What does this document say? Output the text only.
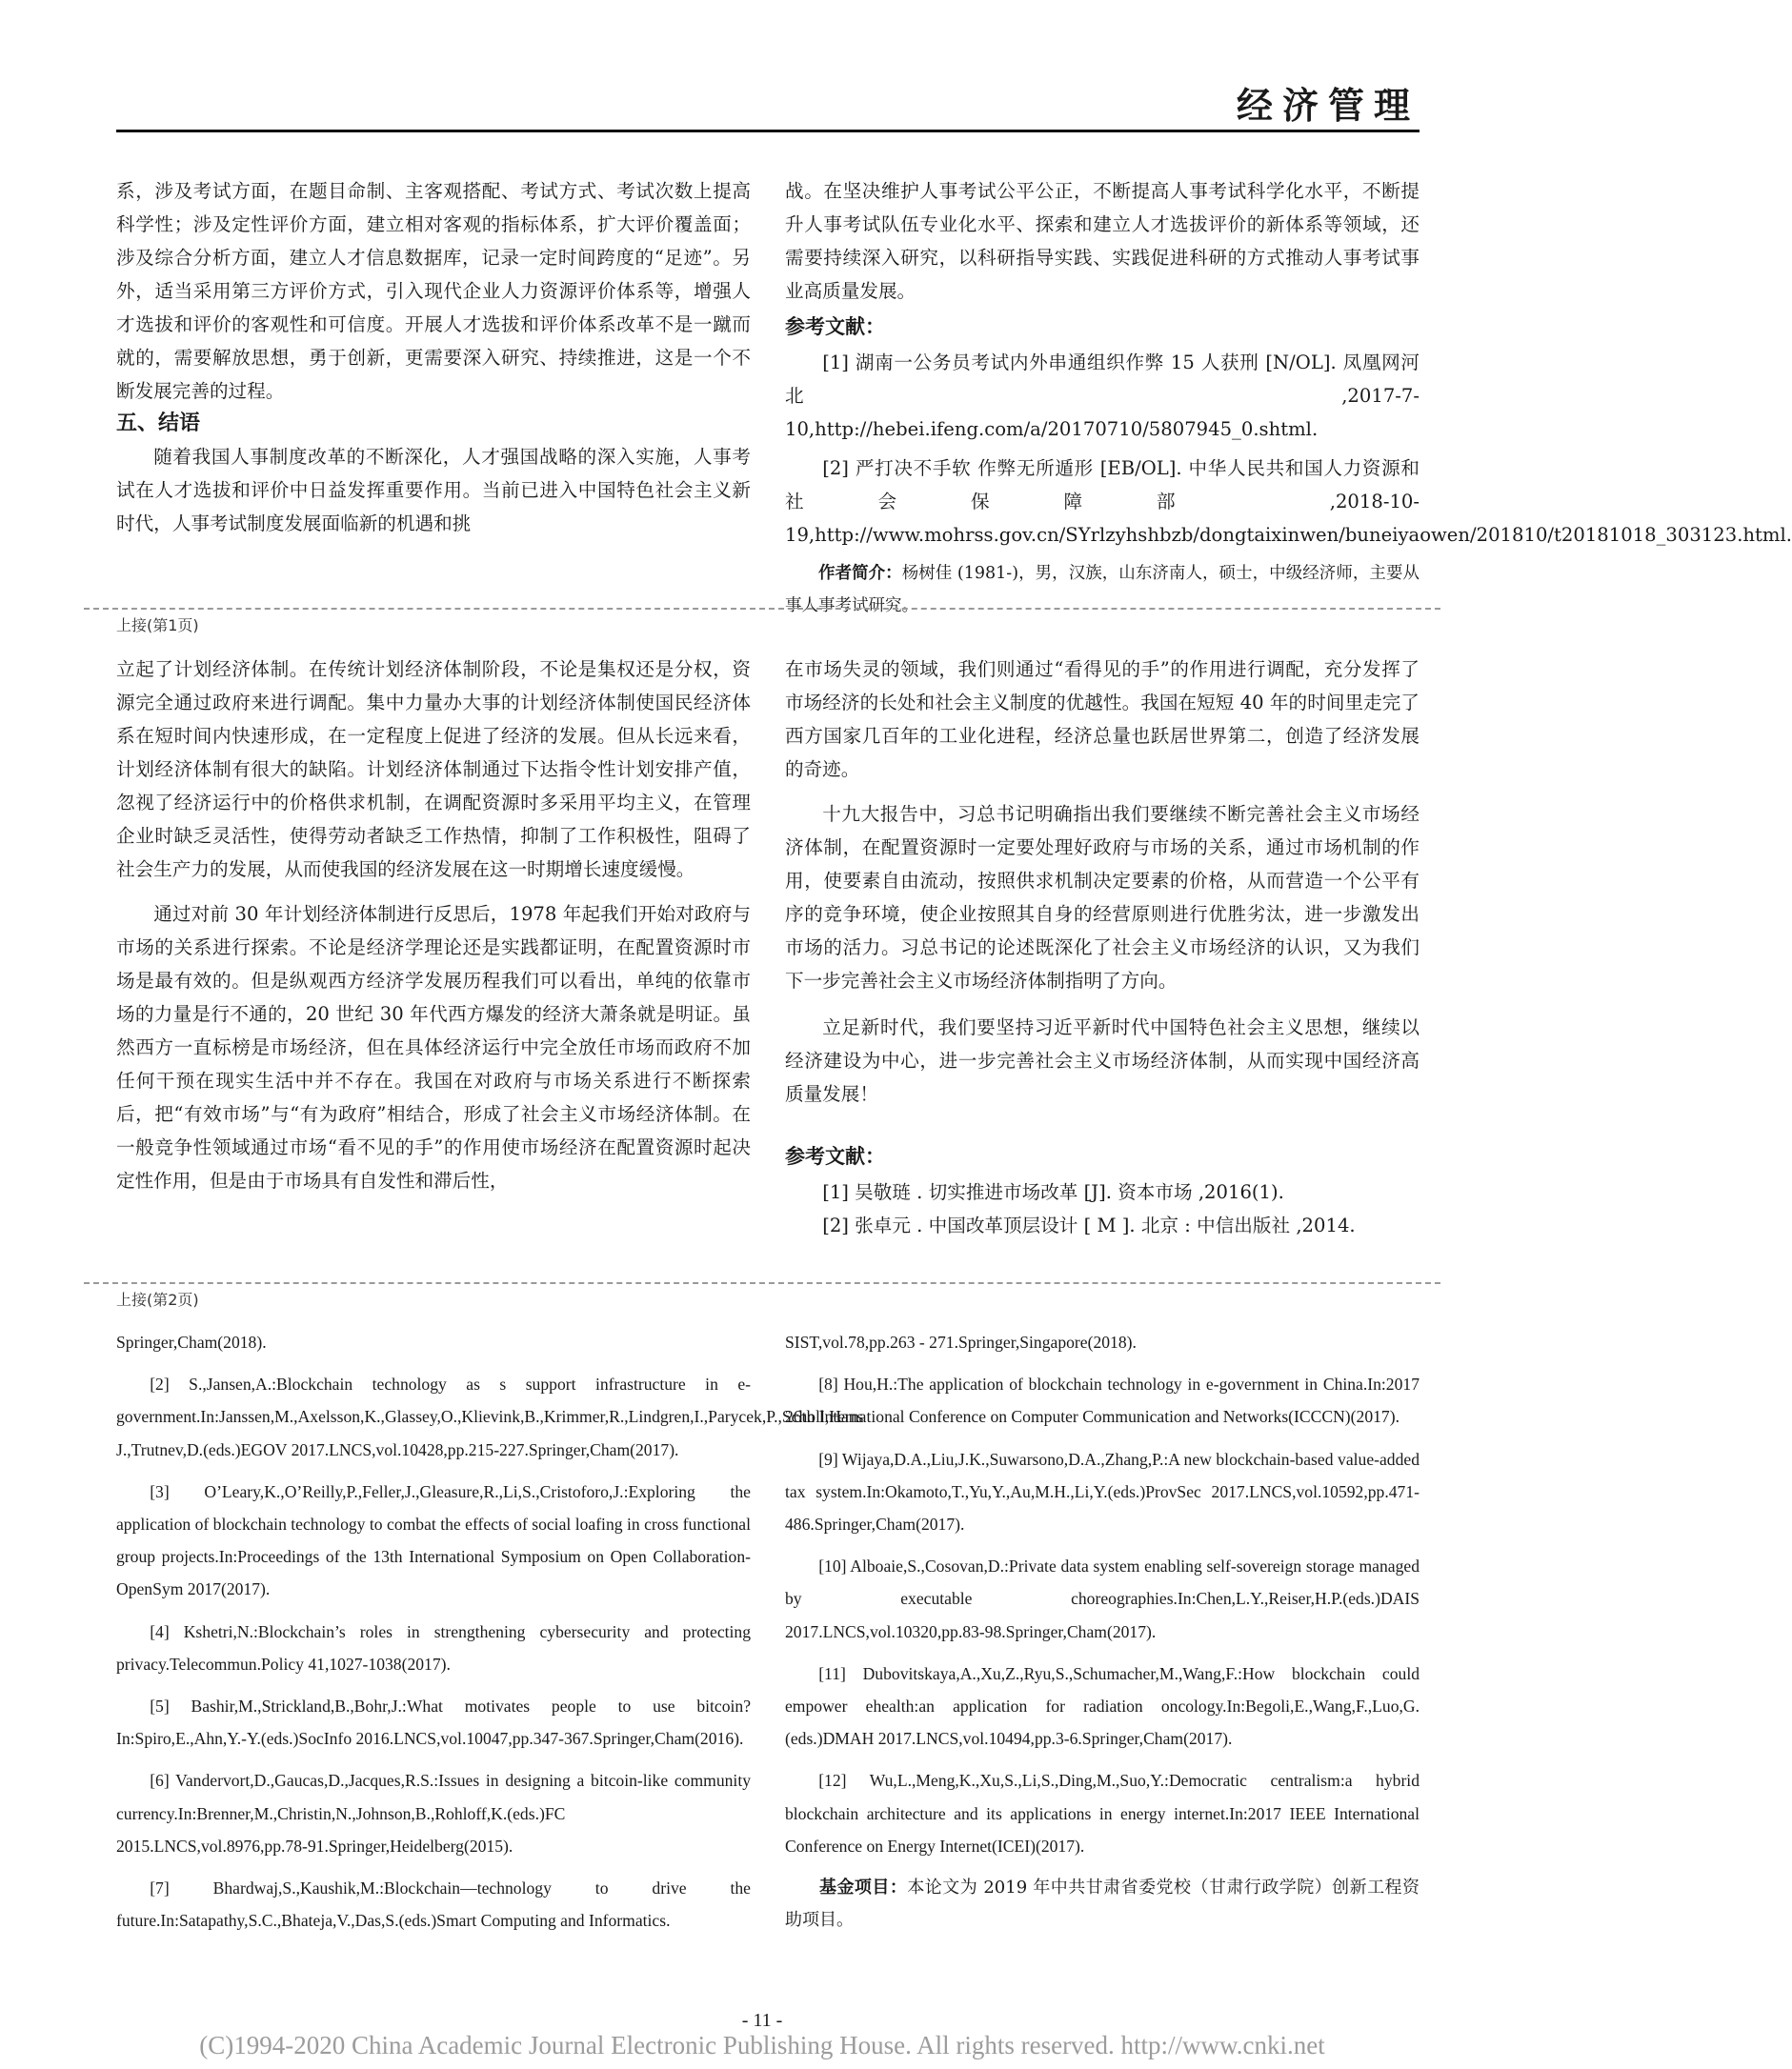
经济管理

系，涉及考试方面，在题目命制、主客观搭配、考试方式、考试次数上提高科学性；涉及定性评价方面，建立相对客观的指标体系，扩大评价覆盖面；涉及综合分析方面，建立人才信息数据库，记录一定时间跨度的“足迹”。另外，适当采用第三方评价方式，引入现代企业人力资源评价体系等，增强人才选拔和评价的客观性和可信度。开展人才选拔和评价体系改革不是一蹴而就的，需要解放思想，勇于创新，更需要深入研究、持续推进，这是一个不断发展完善的过程。

五、结语

随着我国人事制度改革的不断深化，人才强国战略的深入实施，人事考试在人才选拔和评价中日益发挥重要作用。当前已进入中国特色社会主义新时代，人事考试制度发展面临新的机遇和挑

战。在坚决维护人事考试公平公正，不断提高人事考试科学化水平，不断提升人事考试队伍专业化水平、探索和建立人才选拔评价的新体系等领域，还需要持续深入研究，以科研指导实践、实践促进科研的方式推动人事考试事业高质量发展。

参考文献：

[1] 湖南一公务员考试内外串通组织作弊 15 人获刑 [N/OL]. 凤凰网河北 ,2017-7-10,http://hebei.ifeng.com/a/20170710/5807945_0.shtml.

[2] 严打决不手软 作弊无所遁形 [EB/OL]. 中华人民共和国人力资源和社会保障部 ,2018-10-19,http://www.mohrss.gov.cn/SYrlzyhshbzb/dongtaixinwen/buneiyaowen/201810/t20181018_303123.html.

作者简介：杨树佳 (1981-)，男，汉族，山东济南人，硕士，中级经济师，主要从事人事考试研究。

上接(第1页)

立起了计划经济体制。在传统计划经济体制阶段，不论是集权还是分权，资源完全通过政府来进行调配。集中力量办大事的计划经济体制使国民经济体系在短时间内快速形成，在一定程度上促进了经济的发展。但从长远来看，计划经济体制有很大的缺陷。计划经济体制通过下达指令性计划安排产值，忽视了经济运行中的价格供求机制，在调配资源时多采用平均主义，在管理企业时缺乏灵活性，使得劳动者缺乏工作热情，抑制了工作积极性，阻碍了社会生产力的发展，从而使我国的经济发展在这一时期增长速度缓慢。

通过对前 30 年计划经济体制进行反思后，1978 年起我们开始对政府与市场的关系进行探索。不论是经济学理论还是实践都证明，在配置资源时市场是最有效的。但是纵观西方经济学发展历程我们可以看出，单纯的依靠市场的力量是行不通的，20 世纪 30 年代西方爆发的经济大萧条就是明证。虽然西方一直标榜是市场经济，但在具体经济运行中完全放任市场而政府不加任何干预在现实生活中并不存在。我国在对政府与市场关系进行不断探索后，把“有效市场”与“有为政府”相结合，形成了社会主义市场经济体制。在一般竞争性领域通过市场“看不见的手”的作用使市场经济在配置资源时起决定性作用，但是由于市场具有自发性和滞后性，

在市场失灵的领域，我们则通过“看得见的手”的作用进行调配，充分发挥了市场经济的长处和社会主义制度的优越性。我国在短短 40 年的时间里走完了西方国家几百年的工业化进程，经济总量也跃居世界第二，创造了经济发展的奇迹。

十九大报告中，习总书记明确指出我们要继续不断完善社会主义市场经济体制，在配置资源时一定要处理好政府与市场的关系，通过市场机制的作用，使要素自由流动，按照供求机制决定要素的价格，从而营造一个公平有序的竞争环境，使企业按照其自身的经营原则进行优胜劣汰，进一步激发出市场的活力。习总书记的论述既深化了社会主义市场经济的认识，又为我们下一步完善社会主义市场经济体制指明了方向。

立足新时代，我们要坚持习近平新时代中国特色社会主义思想，继续以经济建设为中心，进一步完善社会主义市场经济体制，从而实现中国经济高质量发展！

参考文献：

[1] 吴敬琏 . 切实推进市场改革 [J]. 资本市场 ,2016(1).

[2] 张卓元 . 中国改革顶层设计 [ M ]. 北京 : 中信出版社 ,2014.

上接(第2页)

Springer,Cham(2018).

[2] S.,Jansen,A.:Blockchain technology as s support infrastructure in e-government.In:Janssen,M.,Axelsson,K.,Glassey,O.,Klievink,B.,Krimmer,R.,Lindgren,I.,Parycek,P.,Scholl,Hans J.,Trutnev,D.(eds.)EGOV 2017.LNCS,vol.10428,pp.215-227.Springer,Cham(2017).

[3] O’Leary,K.,O’Reilly,P.,Feller,J.,Gleasure,R.,Li,S.,Cristoforo,J.:Exploring the application of blockchain technology to combat the effects of social loafing in cross functional group projects.In:Proceedings of the 13th International Symposium on Open Collaboration-OpenSym 2017(2017).

[4] Kshetri,N.:Blockchain’s roles in strengthening cybersecurity and protecting privacy.Telecommun.Policy 41,1027-1038(2017).

[5] Bashir,M.,Strickland,B.,Bohr,J.:What motivates people to use bitcoin?In:Spiro,E.,Ahn,Y.-Y.(eds.)SocInfo 2016.LNCS,vol.10047,pp.347-367.Springer,Cham(2016).

[6] Vandervort,D.,Gaucas,D.,Jacques,R.S.:Issues in designing a bitcoin-like community currency.In:Brenner,M.,Christin,N.,Johnson,B.,Rohloff,K.(eds.)FC 2015.LNCS,vol.8976,pp.78-91.Springer,Heidelberg(2015).

[7] Bhardwaj,S.,Kaushik,M.:Blockchain—technology to drive the future.In:Satapathy,S.C.,Bhateja,V.,Das,S.(eds.)Smart Computing and Informatics.

SIST,vol.78,pp.263 - 271.Springer,Singapore(2018).

[8] Hou,H.:The application of blockchain technology in e-government in China.In:2017 26th International Conference on Computer Communication and Networks(ICCCN)(2017).

[9] Wijaya,D.A.,Liu,J.K.,Suwarsono,D.A.,Zhang,P.:A new blockchain-based value-added tax system.In:Okamoto,T.,Yu,Y.,Au,M.H.,Li,Y.(eds.)ProvSec 2017.LNCS,vol.10592,pp.471-486.Springer,Cham(2017).

[10] Alboaie,S.,Cosovan,D.:Private data system enabling self-sovereign storage managed by executable choreographies.In:Chen,L.Y.,Reiser,H.P.(eds.)DAIS 2017.LNCS,vol.10320,pp.83-98.Springer,Cham(2017).

[11] Dubovitskaya,A.,Xu,Z.,Ryu,S.,Schumacher,M.,Wang,F.:How blockchain could empower ehealth:an application for radiation oncology.In:Begoli,E.,Wang,F.,Luo,G.(eds.)DMAH 2017.LNCS,vol.10494,pp.3-6.Springer,Cham(2017).

[12] Wu,L.,Meng,K.,Xu,S.,Li,S.,Ding,M.,Suo,Y.:Democratic centralism:a hybrid blockchain architecture and its applications in energy internet.In:2017 IEEE International Conference on Energy Internet(ICEI)(2017).

基金项目：本论文为 2019 年中共甘肃省委党校（甘肃行政学院）创新工程资助项目。

- 11 -
(C)1994-2020 China Academic Journal Electronic Publishing House. All rights reserved. http://www.cnki.net
